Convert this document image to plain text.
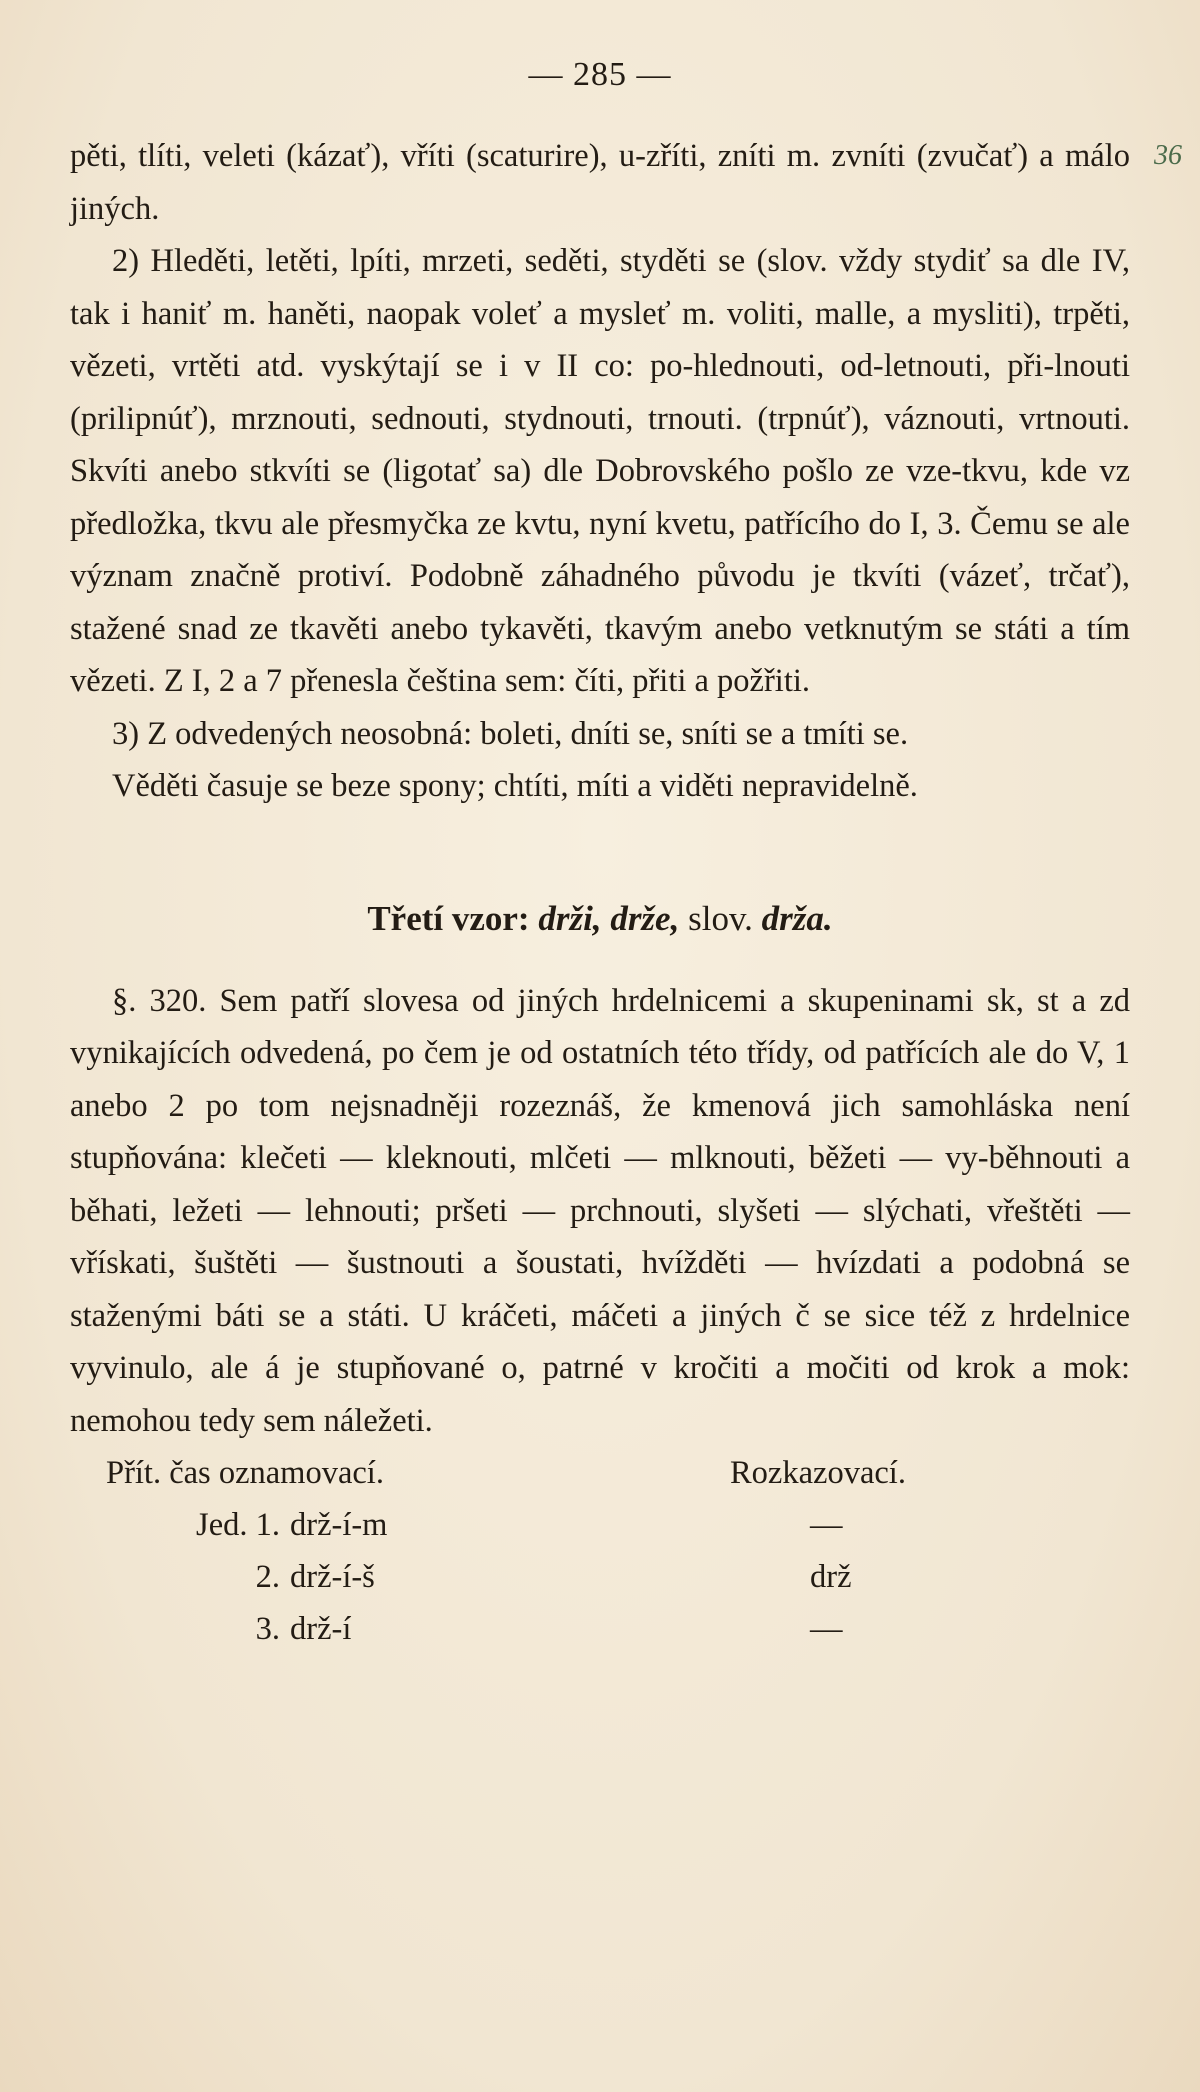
— 285 —
36

pěti, tlíti, veleti (kázať), vříti (scaturire), u-zříti, zníti m. zvníti (zvučať) a málo jiných.

2) Hleděti, letěti, lpíti, mrzeti, seděti, styděti se (slov. vždy stydiť sa dle IV, tak i haniť m. haněti, naopak voleť a mysleť m. voliti, malle, a mysliti), trpěti, vězeti, vrtěti atd. vyskýtají se i v II co: po-hlednouti, od-letnouti, při-lnouti (prilipnúť), mrznouti, sednouti, stydnouti, trnouti. (trpnúť), váznouti, vrtnouti. Skvíti anebo stkvíti se (ligotať sa) dle Dobrovského pošlo ze vze-tkvu, kde vz předložka, tkvu ale přesmyčka ze kvtu, nyní kvetu, patřícího do I, 3. Čemu se ale význam značně protiví. Podobně záhadného původu je tkvíti (vázeť, trčať), stažené snad ze tkavěti anebo tykavěti, tkavým anebo vetknutým se státi a tím vězeti. Z I, 2 a 7 přenesla čeština sem: číti, přiti a požřiti.

3) Z odvedených neosobná: boleti, dníti se, sníti se a tmíti se.

Věděti časuje se beze spony; chtíti, míti a viděti nepravidelně.

Třetí vzor: drži, drže, slov. drža.

§. 320. Sem patří slovesa od jiných hrdelnicemi a skupeninami sk, st a zd vynikajících odvedená, po čem je od ostatních této třídy, od patřících ale do V, 1 anebo 2 po tom nejsnadněji rozeznáš, že kmenová jich samohláska není stupňována: klečeti — kleknouti, mlčeti — mlknouti, běžeti — vy-běhnouti a běhati, ležeti — lehnouti; pršeti — prchnouti, slyšeti — slýchati, vřeštěti — vřískati, šuštěti — šustnouti a šoustati, hvížděti — hvízdati a podobná se staženými báti se a státi. U kráčeti, máčeti a jiných č se sice též z hrdelnice vyvinulo, ale á je stupňované o, patrné v kročiti a močiti od krok a mok: nemohou tedy sem náležeti.

Přít. čas oznamovací.	Rozkazovací.
Jed. 1. drž-í-m	—
2. drž-í-š	drž
3. drž-í	—
